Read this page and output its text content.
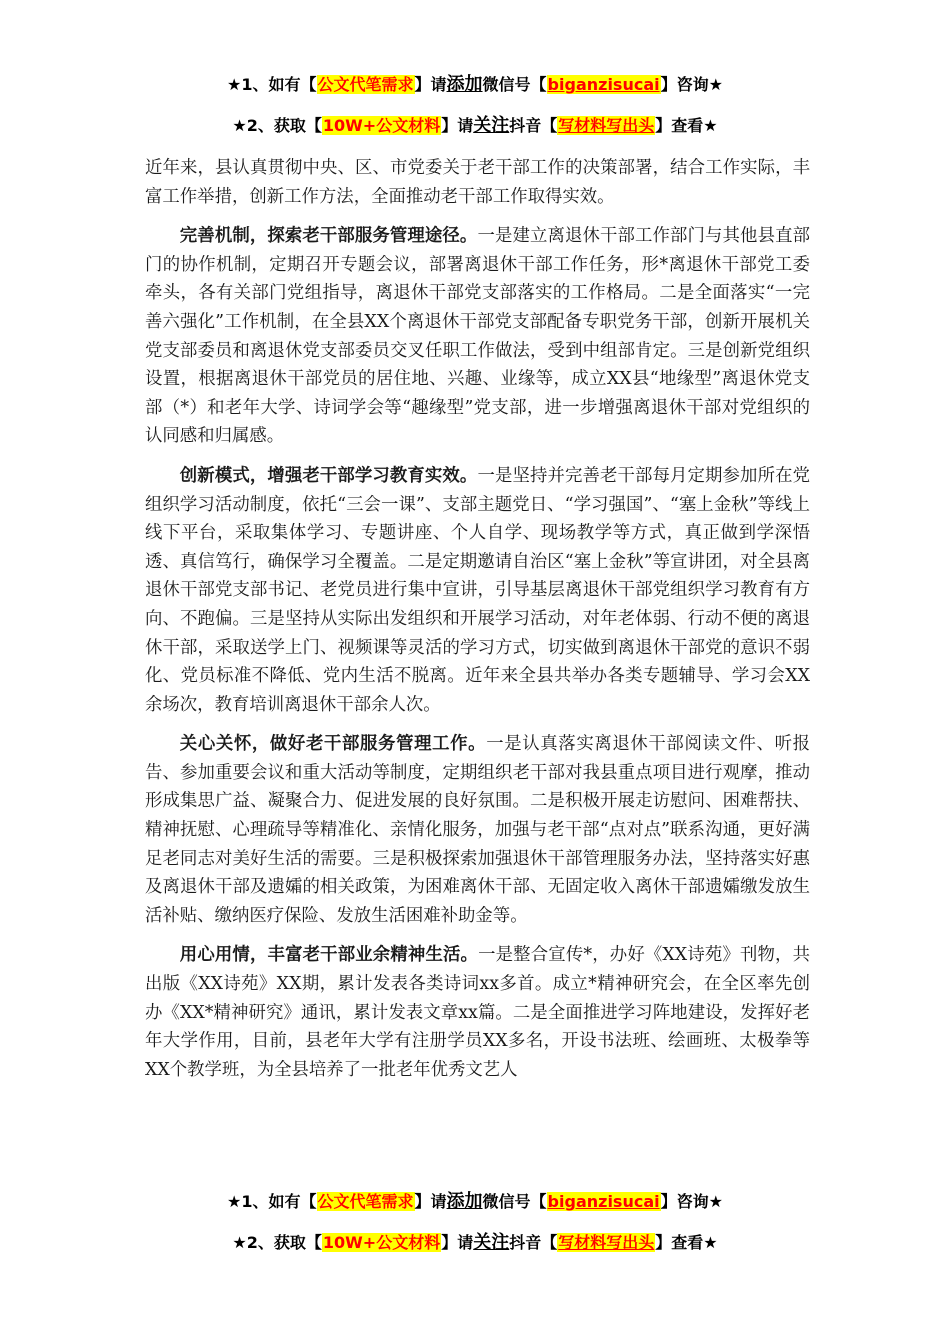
★1、如有【公文代笔需求】请添加微信号【biganzisucai】咨询★
★2、获取【10W+公文材料】请关注抖音【写材料写出头】查看★

近年来，县认真贯彻中央、区、市党委关于老干部工作的决策部署，结合工作实际，丰富工作举措，创新工作方法，全面推动老干部工作取得实效。

完善机制，探索老干部服务管理途径。一是建立离退休干部工作部门与其他县直部门的协作机制，定期召开专题会议，部署离退休干部工作任务，形*离退休干部党工委牵头，各有关部门党组指导，离退休干部党支部落实的工作格局。二是全面落实“一完善六强化”工作机制，在全县XX个离退休干部党支部配备专职党务干部，创新开展机关党支部委员和离退休党支部委员交叉任职工作做法，受到中组部肯定。三是创新党组织设置，根据离退休干部党员的居住地、兴趣、业缘等，成立XX县“地缘型”离退休党支部（*）和老年大学、诗词学会等“趣缘型”党支部，进一步增强离退休干部对党组织的认同感和归属感。

创新模式，增强老干部学习教育实效。一是坚持并完善老干部每月定期参加所在党组织学习活动制度，依托“三会一课”、支部主题党日、“学习强国”、“塞上金秋”等线上线下平台，采取集体学习、专题讲座、个人自学、现场教学等方式，真正做到学深悟透、真信笃行，确保学习全覆盖。二是定期邀请自治区“塞上金秋”等宣讲团，对全县离退休干部党支部书记、老党员进行集中宣讲，引导基层离退休干部党组织学习教育有方向、不跑偏。三是坚持从实际出发组织和开展学习活动，对年老体弱、行动不便的离退休干部，采取送学上门、视频课等灵活的学习方式，切实做到离退休干部党的意识不弱化、党员标准不降低、党内生活不脱离。近年来全县共举办各类专题辅导、学习会XX余场次，教育培训离退休干部余人次。

关心关怀，做好老干部服务管理工作。一是认真落实离退休干部阅读文件、听报告、参加重要会议和重大活动等制度，定期组织老干部对我县重点项目进行观摩，推动形成集思广益、凝聚合力、促进发展的良好氛围。二是积极开展走访慰问、困难帮扶、精神抚慰、心理疏导等精准化、亲情化服务，加强与老干部“点对点”联系沟通，更好满足老同志对美好生活的需要。三是积极探索加强退休干部管理服务办法，坚持落实好惠及离退休干部及遗孀的相关政策，为困难离休干部、无固定收入离休干部遗孀缴发放生活补贴、缴纳医疗保险、发放生活困难补助金等。

用心用情，丰富老干部业余精神生活。一是整合宣传*，办好《XX诗苑》刊物，共出版《XX诗苑》XX期，累计发表各类诗词xx多首。成立*精神研究会，在全区率先创办《XX*精神研究》通讯，累计发表文章xx篇。二是全面推进学习阵地建设，发挥好老年大学作用，目前，县老年大学有注册学员XX多名，开设书法班、绘画班、太极拳等XX个教学班，为全县培养了一批老年优秀文艺人

★1、如有【公文代笔需求】请添加微信号【biganzisucai】咨询★
★2、获取【10W+公文材料】请关注抖音【写材料写出头】查看★
